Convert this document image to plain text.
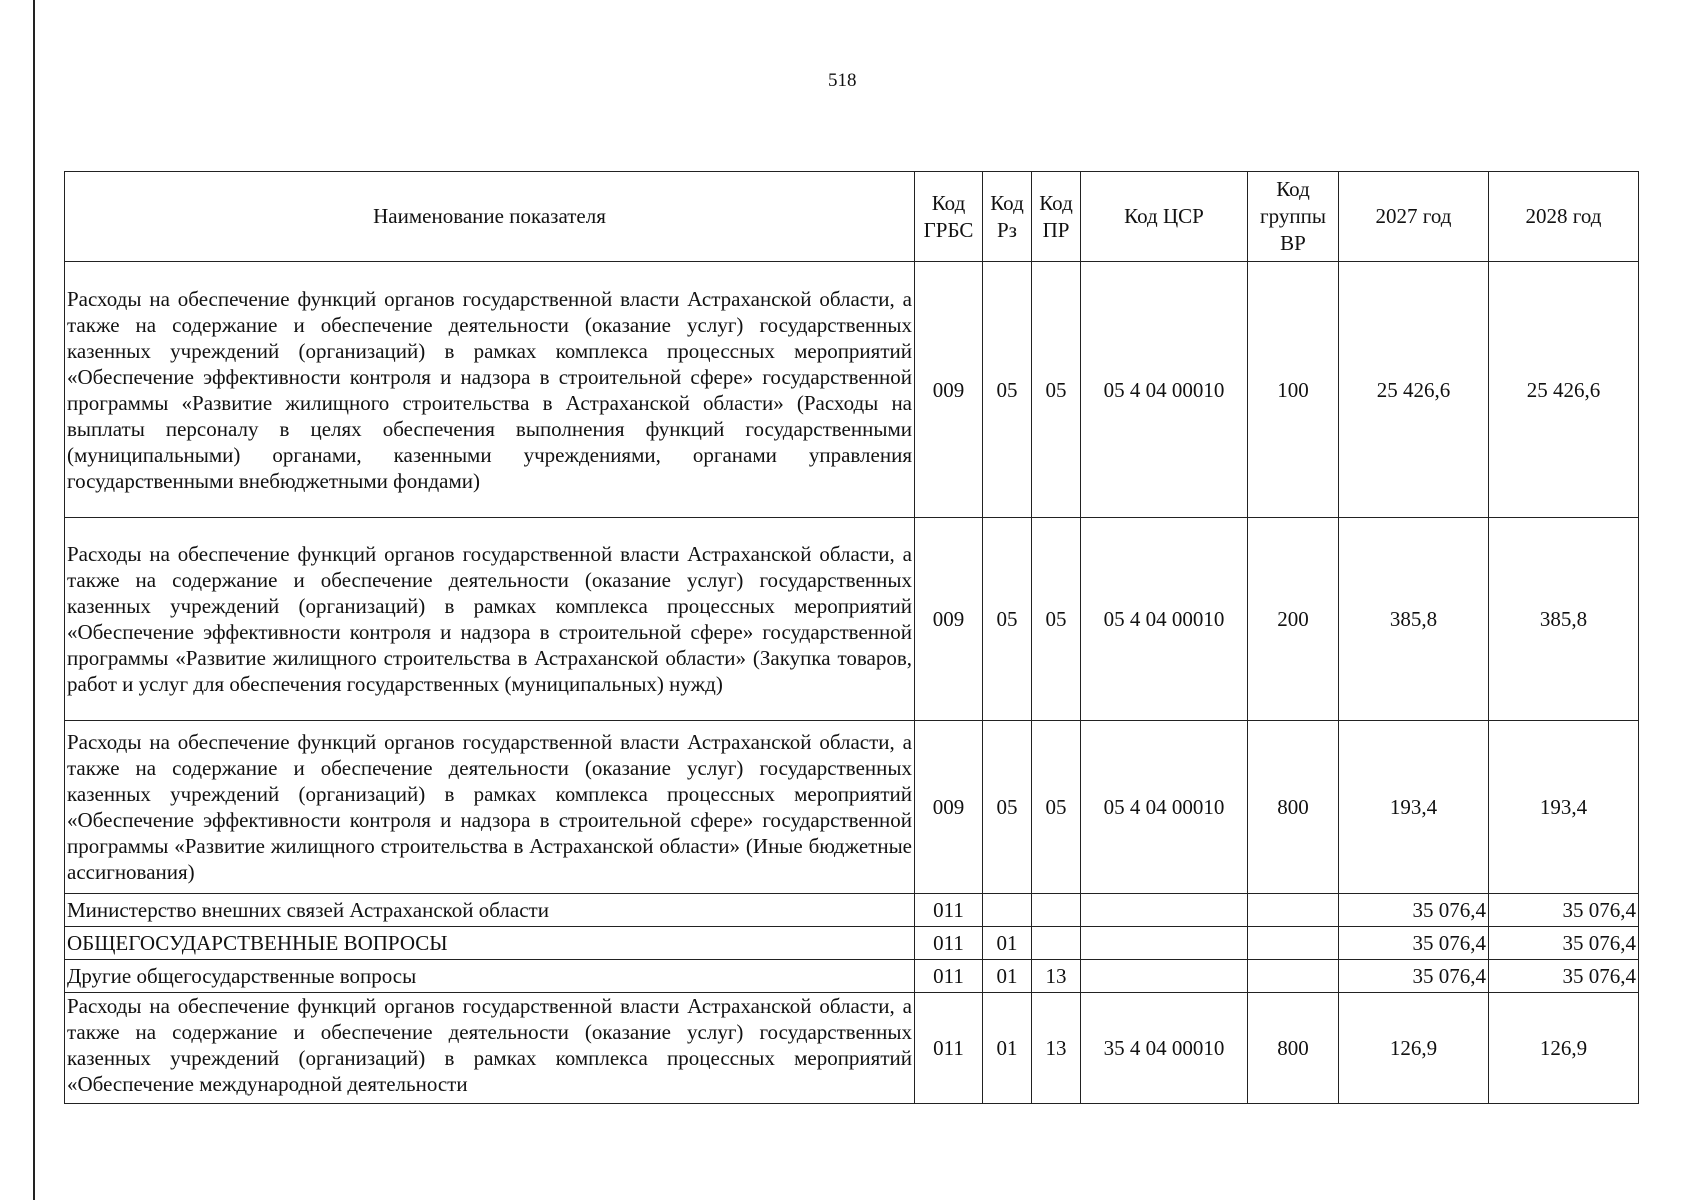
518
Наименование показателя	Код ГРБС	Код Рз	Код ПР	Код ЦСР	Код группы ВР	2027 год	2028 год
Расходы на обеспечение функций органов государственной власти Астраханской области, а также на содержание и обеспечение деятельности (оказание услуг) государственных казенных учреждений (организаций) в рамках комплекса процессных мероприятий «Обеспечение эффективности контроля и надзора в строительной сфере» государственной программы «Развитие жилищного строительства в Астраханской области» (Расходы на выплаты персоналу в целях обеспечения выполнения функций государственными (муниципальными) органами, казенными учреждениями, органами управления государственными внебюджетными фондами)	009	05	05	05 4 04 00010	100	25 426,6	25 426,6
Расходы на обеспечение функций органов государственной власти Астраханской области, а также на содержание и обеспечение деятельности (оказание услуг) государственных казенных учреждений (организаций) в рамках комплекса процессных мероприятий «Обеспечение эффективности контроля и надзора в строительной сфере» государственной программы «Развитие жилищного строительства в Астраханской области» (Закупка товаров, работ и услуг для обеспечения государственных (муниципальных) нужд)	009	05	05	05 4 04 00010	200	385,8	385,8
Расходы на обеспечение функций органов государственной власти Астраханской области, а также на содержание и обеспечение деятельности (оказание услуг) государственных казенных учреждений (организаций) в рамках комплекса процессных мероприятий «Обеспечение эффективности контроля и надзора в строительной сфере» государственной программы «Развитие жилищного строительства в Астраханской области» (Иные бюджетные ассигнования)	009	05	05	05 4 04 00010	800	193,4	193,4
Министерство внешних связей Астраханской области	011					35 076,4	35 076,4
ОБЩЕГОСУДАРСТВЕННЫЕ ВОПРОСЫ	011	01				35 076,4	35 076,4
Другие общегосударственные вопросы	011	01	13			35 076,4	35 076,4
Расходы на обеспечение функций органов государственной власти Астраханской области, а также на содержание и обеспечение деятельности (оказание услуг) государственных казенных учреждений (организаций) в рамках комплекса процессных мероприятий «Обеспечение международной деятельности	011	01	13	35 4 04 00010	800	126,9	126,9
